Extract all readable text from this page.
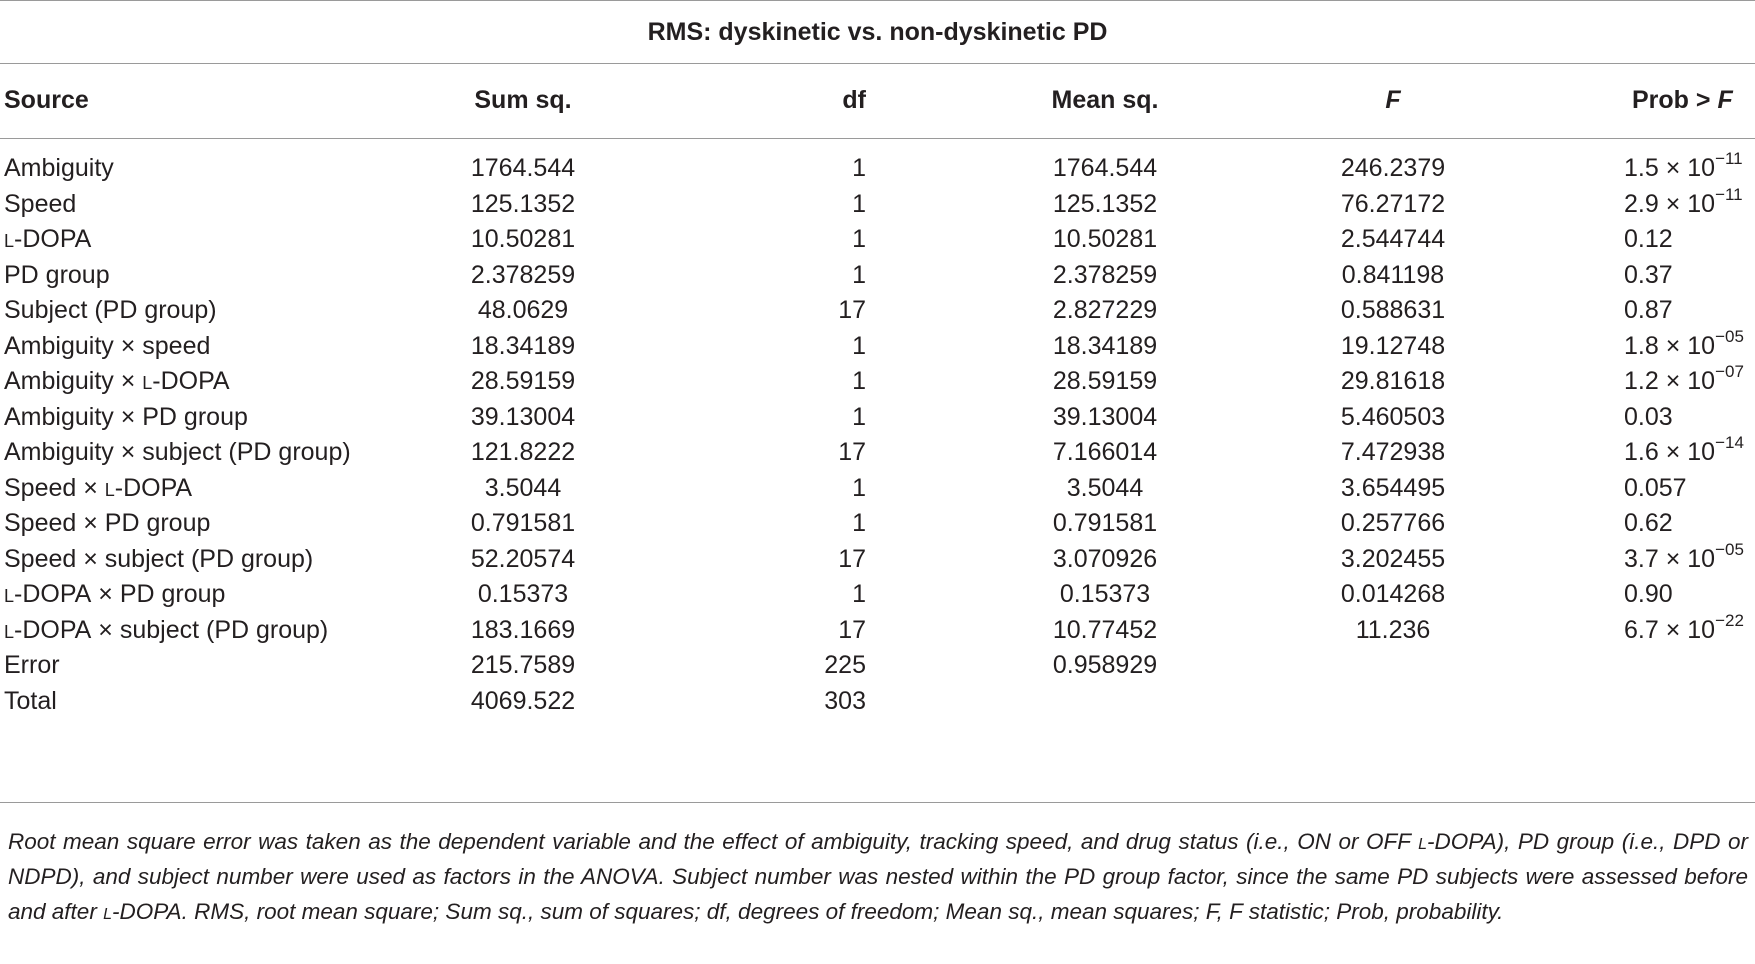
RMS: dyskinetic vs. non-dyskinetic PD
Source	Sum sq.	df	Mean sq.	F	Prob > F
Ambiguity	1764.544	1	1764.544	246.2379	$1.5 \times 10^{-11}$
Speed	125.1352	1	125.1352	76.27172	$2.9 \times 10^{-11}$
l-DOPA	10.50281	1	10.50281	2.544744	0.12
PD group	2.378259	1	2.378259	0.841198	0.37
Subject (PD group)	48.0629	17	2.827229	0.588631	0.87
Ambiguity × speed	18.34189	1	18.34189	19.12748	$1.8 \times 10^{-05}$
Ambiguity × l-DOPA	28.59159	1	28.59159	29.81618	$1.2 \times 10^{-07}$
Ambiguity × PD group	39.13004	1	39.13004	5.460503	0.03
Ambiguity × subject (PD group)	121.8222	17	7.166014	7.472938	$1.6 \times 10^{-14}$
Speed × l-DOPA	3.5044	1	3.5044	3.654495	0.057
Speed × PD group	0.791581	1	0.791581	0.257766	0.62
Speed × subject (PD group)	52.20574	17	3.070926	3.202455	$3.7 \times 10^{-05}$
l-DOPA × PD group	0.15373	1	0.15373	0.014268	0.90
l-DOPA × subject (PD group)	183.1669	17	10.77452	11.236	$6.7 \times 10^{-22}$
Error	215.7589	225	0.958929
Total	4069.522	303
Root mean square error was taken as the dependent variable and the effect of ambiguity, tracking speed, and drug status (i.e., ON or OFF l-DOPA), PD group (i.e., DPD or NDPD), and subject number were used as factors in the ANOVA. Subject number was nested within the PD group factor, since the same PD subjects were assessed before and after l-DOPA. RMS, root mean square; Sum sq., sum of squares; df, degrees of freedom; Mean sq., mean squares; F, F statistic; Prob, probability.
